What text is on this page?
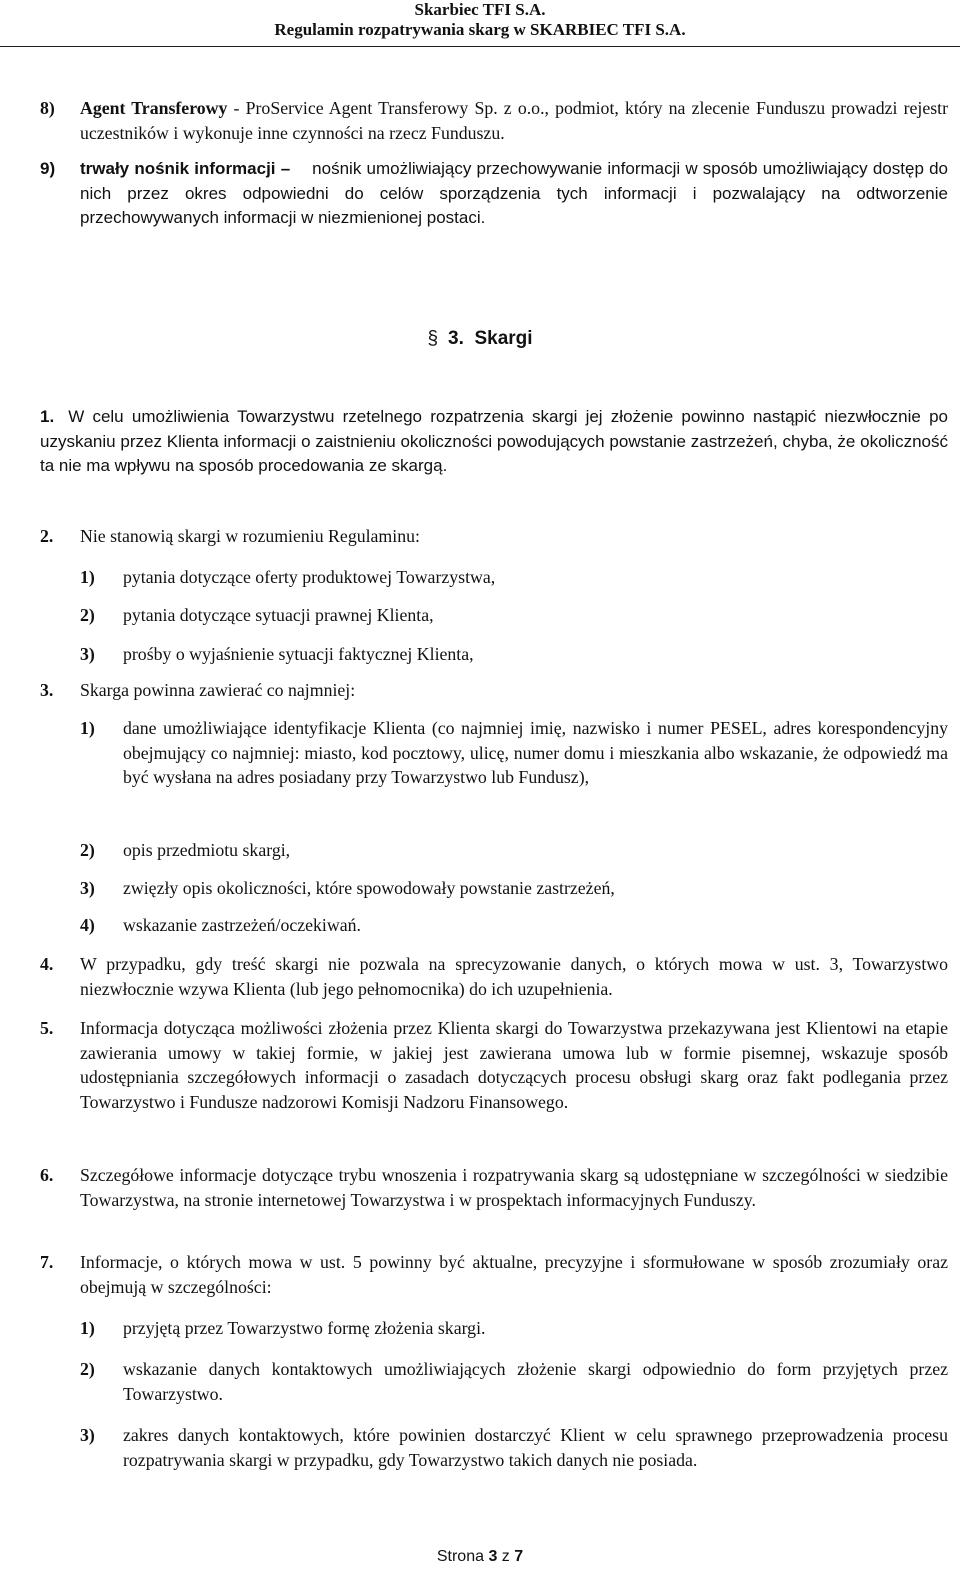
Skarbiec TFI S.A.
Regulamin rozpatrywania skarg w SKARBIEC TFI S.A.
8) Agent Transferowy - ProService Agent Transferowy Sp. z o.o., podmiot, który na zlecenie Funduszu prowadzi rejestr uczestników i wykonuje inne czynności na rzecz Funduszu.
9) trwały nośnik informacji – nośnik umożliwiający przechowywanie informacji w sposób umożliwiający dostęp do nich przez okres odpowiedni do celów sporządzenia tych informacji i pozwalający na odtworzenie przechowywanych informacji w niezmienionej postaci.
§ 3. Skargi
1. W celu umożliwienia Towarzystwu rzetelnego rozpatrzenia skargi jej złożenie powinno nastąpić niezwłocznie po uzyskaniu przez Klienta informacji o zaistnieniu okoliczności powodujących powstanie zastrzeżeń, chyba, że okoliczność ta nie ma wpływu na sposób procedowania ze skargą.
2. Nie stanowią skargi w rozumieniu Regulaminu:
1) pytania dotyczące oferty produktowej Towarzystwa,
2) pytania dotyczące sytuacji prawnej Klienta,
3) prośby o wyjaśnienie sytuacji faktycznej Klienta,
3. Skarga powinna zawierać co najmniej:
1) dane umożliwiające identyfikacje Klienta (co najmniej imię, nazwisko i numer PESEL, adres korespondencyjny obejmujący co najmniej: miasto, kod pocztowy, ulicę, numer domu i mieszkania albo wskazanie, że odpowiedź ma być wysłana na adres posiadany przy Towarzystwo lub Fundusz),
2) opis przedmiotu skargi,
3) zwięzły opis okoliczności, które spowodowały powstanie zastrzeżeń,
4) wskazanie zastrzeżeń/oczekiwań.
4. W przypadku, gdy treść skargi nie pozwala na sprecyzowanie danych, o których mowa w ust. 3, Towarzystwo niezwłocznie wzywa Klienta (lub jego pełnomocnika) do ich uzupełnienia.
5. Informacja dotycząca możliwości złożenia przez Klienta skargi do Towarzystwa przekazywana jest Klientowi na etapie zawierania umowy w takiej formie, w jakiej jest zawierana umowa lub w formie pisemnej, wskazuje sposób udostępniania szczegółowych informacji o zasadach dotyczących procesu obsługi skarg oraz fakt podlegania przez Towarzystwo i Fundusze nadzorowi Komisji Nadzoru Finansowego.
6. Szczegółowe informacje dotyczące trybu wnoszenia i rozpatrywania skarg są udostępniane w szczególności w siedzibie Towarzystwa, na stronie internetowej Towarzystwa i w prospektach informacyjnych Funduszy.
7. Informacje, o których mowa w ust. 5 powinny być aktualne, precyzyjne i sformułowane w sposób zrozumiały oraz obejmują w szczególności:
1) przyjętą przez Towarzystwo formę złożenia skargi.
2) wskazanie danych kontaktowych umożliwiających złożenie skargi odpowiednio do form przyjętych przez Towarzystwo.
3) zakres danych kontaktowych, które powinien dostarczyć Klient w celu sprawnego przeprowadzenia procesu rozpatrywania skargi w przypadku, gdy Towarzystwo takich danych nie posiada.
Strona 3 z 7
